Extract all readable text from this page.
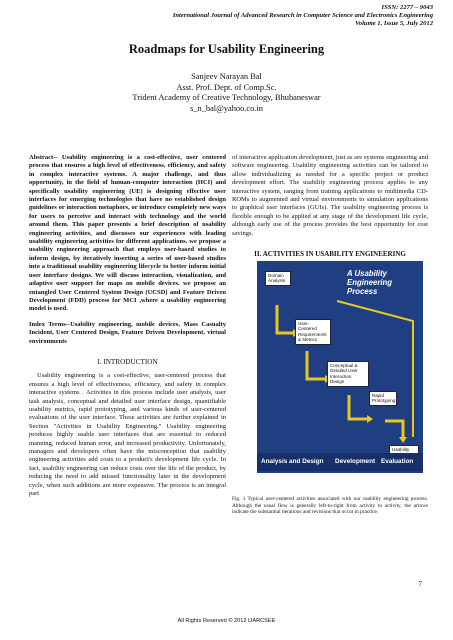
ISSN: 2277 – 9043
International Journal of Advanced Research in Computer Science and Electronics Engineering
Volume 1, Issue 5, July 2012
Roadmaps for Usability Engineering
Sanjeev Narayan Bal
Asst. Prof. Dept. of Comp.Sc.
Trident Academy of Creative Technology, Bhubaneswar
s_n_bal@yahoo.co.in

Abstract-- Usability engineering is a cost-effective, user centered process that ensures a high level of effectiveness, efficiency, and safety in complex interactive systems. A major challenge, and thus opportunity, in the field of human-computer interaction (HCI) and specifically usability engineering (UE) is designing effective user interfaces for emerging technologies that have no established design guidelines or interaction metaphors, or introduce completely new ways for users to perceive and interact with technology and the world around them. This paper presents a brief description of usability engineering activities, and discusses our experiences with leading usability engineering activities for different applications. we propose a usability engineering approach that employs user-based studies to inform design, by iteratively inserting a series of user-based studies into a traditional usability engineering lifecycle to better inform initial user interface designs. We will discuss interaction, visualization, and adaptive user support for maps on mobile devices. we propose an entangled User Centered System Design (UCSD) and Feature Driven Development (FDD) process for MCI ,where a usability engineering model is used.

Index Terms--Usability engineering, mobile devices, Mass Casualty Incident, User Centered Design, Feature Driven Development, virtual environments

I. INTRODUCTION

Usability engineering is a cost-effective, user-centered process that ensures a high level of effectiveness, efficiency, and safety in complex interactive systems . Activities in this process include user analysis, user task analysis, conceptual and detailed user interface design, quantifiable usability metrics, rapid prototyping, and various kinds of user-centered evaluations of the user interface. These activities are further explained in Section "Activities in Usability Engineering." Usability engineering produces highly usable user interfaces that are essential to reduced manning, reduced human error, and increased productivity. Unfortunately, managers and developers often have the misconception that usability engineering activities add costs to a product's development life cycle. In fact, usability engineering can reduce costs over the life of the product, by reducing the need to add missed functionality later in the development cycle, when such additions are more expensive. The process is an integral part

of interactive application development, just as are systems engineering and software engineering. Usability engineering activities can be tailored to allow individualizing as needed for a specific project or product development effort. The usability engineering process applies to any interactive system, ranging from training applications to multimedia CD-ROMs to augmented and virtual environments to simulation applications to graphical user interfaces (GUIs). The usability engineering process is flexible enough to be applied at any stage of the development life cycle, although early use of the process provides the best opportunity for cost savings.

II. ACTIVITIES IN USABILITY ENGINEERING
A Usability Engineering Process
Domain Analysis
User-Centered Requirements & Metrics
Conceptual & Detailed User Interaction Design
Rapid Prototyping
Usability
Analysis and Design Development Evaluation

Fig. 1 Typical user-centered activities associated with our usability engineering process. Although the usual flow is generally left-to-right from activity to activity, the arrows indicate the substantial iterations and revisions that occur in practice.

7
All Rights Reserved © 2012 IJARCSEE
